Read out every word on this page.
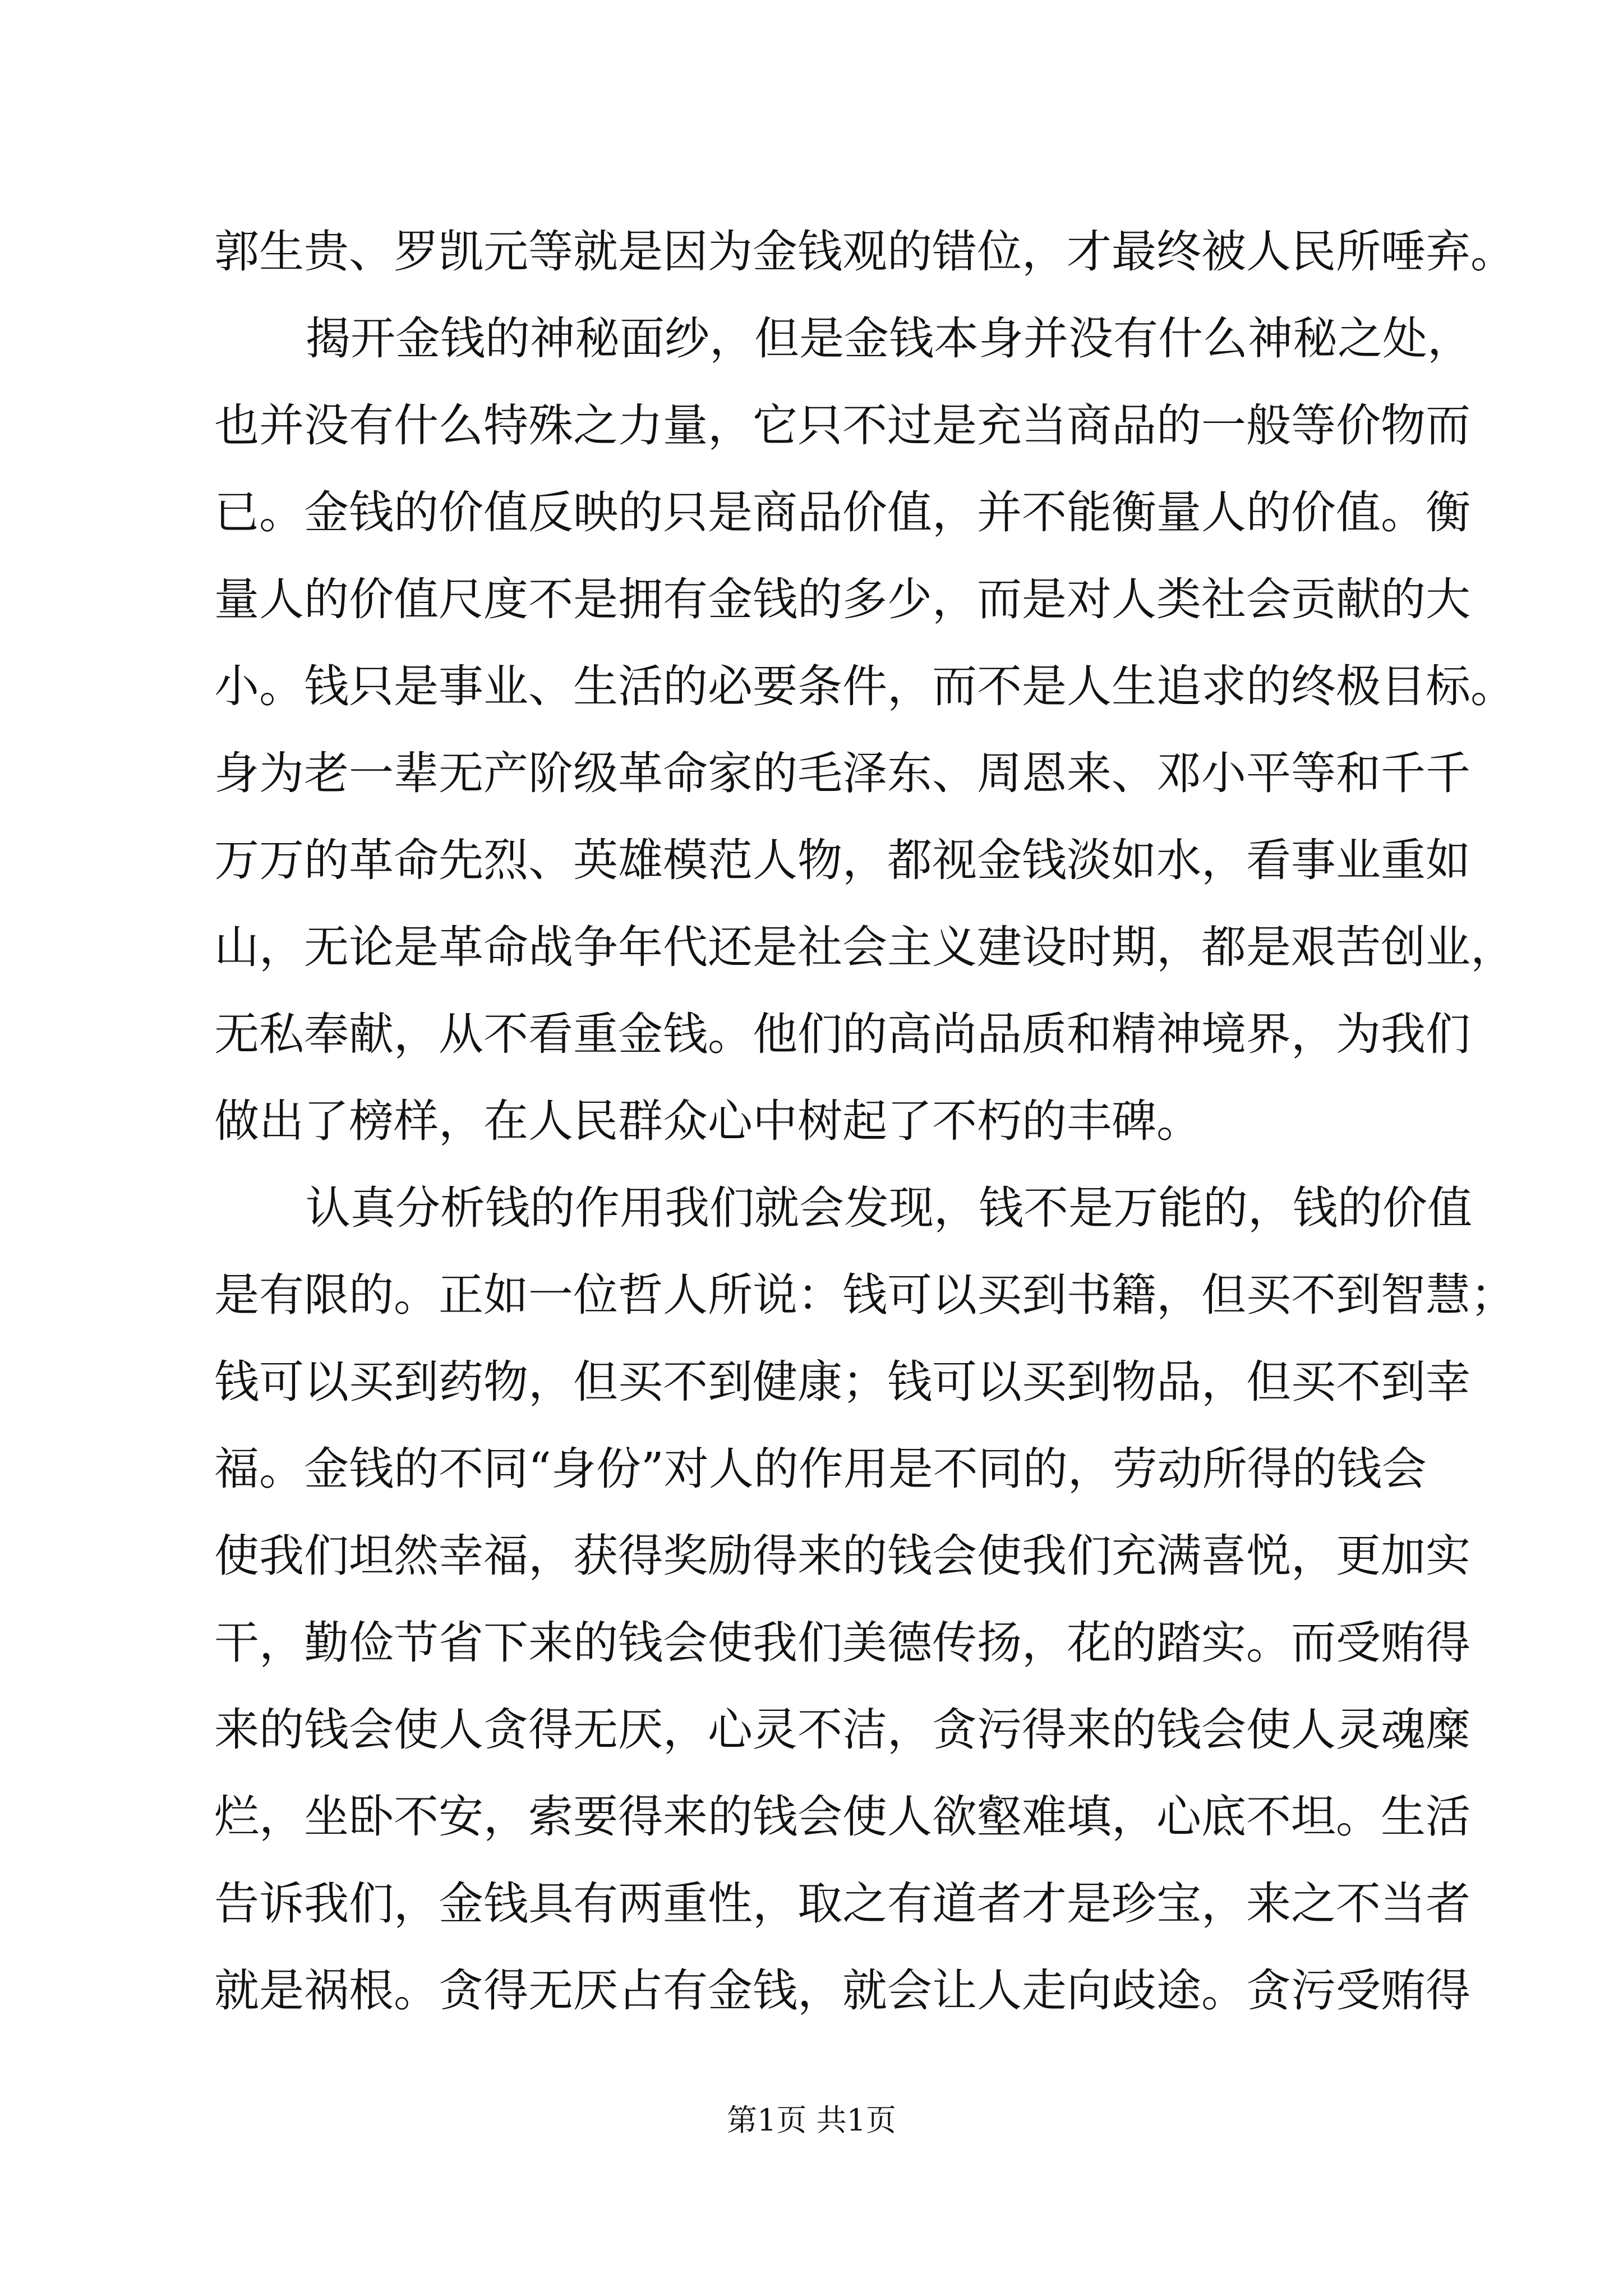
郭生贵、罗凯元等就是因为金钱观的错位，才最终被人民所唾弃。
揭开金钱的神秘面纱，但是金钱本身并没有什么神秘之处，
也并没有什么特殊之力量，它只不过是充当商品的一般等价物而
已。金钱的价值反映的只是商品价值，并不能衡量人的价值。衡
量人的价值尺度不是拥有金钱的多少，而是对人类社会贡献的大
小。钱只是事业、生活的必要条件，而不是人生追求的终极目标。
身为老一辈无产阶级革命家的毛泽东、周恩来、邓小平等和千千
万万的革命先烈、英雄模范人物，都视金钱淡如水，看事业重如
山，无论是革命战争年代还是社会主义建设时期，都是艰苦创业，
无私奉献，从不看重金钱。他们的高尚品质和精神境界，为我们
做出了榜样，在人民群众心中树起了不朽的丰碑。
认真分析钱的作用我们就会发现，钱不是万能的，钱的价值
是有限的。正如一位哲人所说：钱可以买到书籍，但买不到智慧；
钱可以买到药物，但买不到健康；钱可以买到物品，但买不到幸
福。金钱的不同“身份”对人的作用是不同的，劳动所得的钱会
使我们坦然幸福，获得奖励得来的钱会使我们充满喜悦，更加实
干，勤俭节省下来的钱会使我们美德传扬，花的踏实。而受贿得
来的钱会使人贪得无厌，心灵不洁，贪污得来的钱会使人灵魂糜
烂，坐卧不安，索要得来的钱会使人欲壑难填，心底不坦。生活
告诉我们，金钱具有两重性，取之有道者才是珍宝，来之不当者
就是祸根。贪得无厌占有金钱，就会让人走向歧途。贪污受贿得
第1页 共1页
